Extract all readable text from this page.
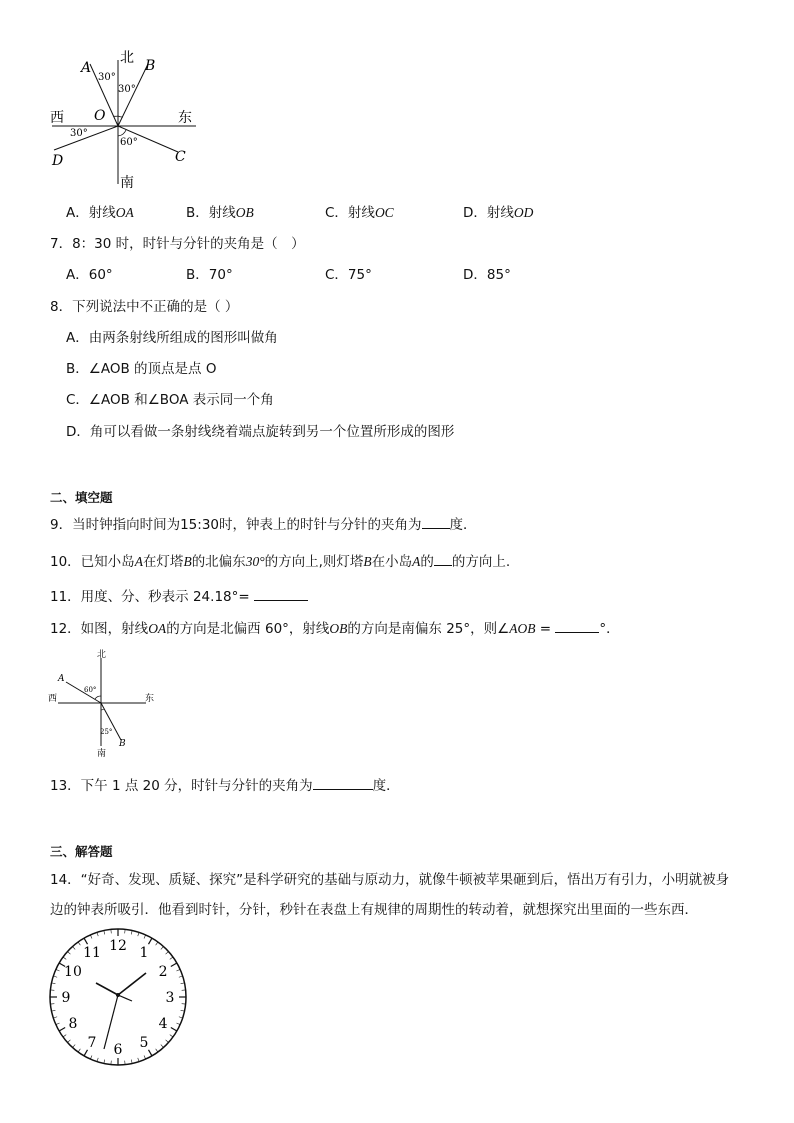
北
南
东
西
A	B
C
D
O
30°
30°
30°
60°
A．射线OA	B．射线OB	C．射线OC	D．射线OD
7．8：30 时，时针与分针的夹角是（　）
A．60°	B．70°	C．75°	D．85°
8．下列说法中不正确的是（ ）
A．由两条射线所组成的图形叫做角
B．∠AOB 的顶点是点 O
C．∠AOB 和∠BOA 表示同一个角
D．角可以看做一条射线绕着端点旋转到另一个位置所形成的图形
二、填空题
9．当时钟指向时间为15:30时，钟表上的时针与分针的夹角为 度．
10．已知小岛A在灯塔B的北偏东30°的方向上,则灯塔B在小岛A的 的方向上.
11．用度、分、秒表示 24.18°=
12．如图，射线OA的方向是北偏西 60°，射线OB的方向是南偏东 25°，则∠AOB =	°．
北
南
东
西
A
B
60°
25°
13．下午 1 点 20 分，时针与分针的夹角为	度．
三、解答题
14．“好奇、发现、质疑、探究”是科学研究的基础与原动力，就像牛顿被苹果砸到后，悟出万有引力，小明就被身
边的钟表所吸引．他看到时针，分针，秒针在表盘上有规律的周期性的转动着，就想探究出里面的一些东西．
12 1
2
3
4
5
6
7
8
9
10
11
